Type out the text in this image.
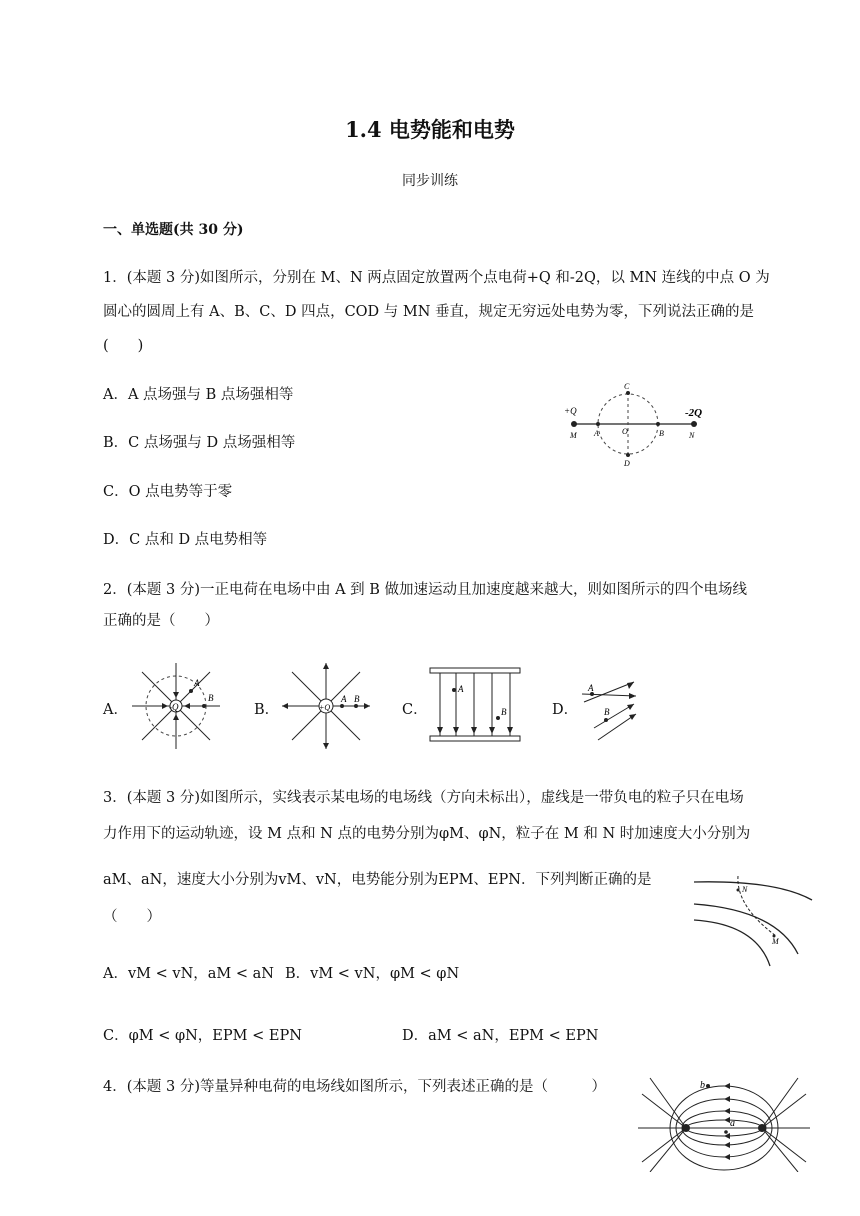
1.4 电势能和电势
同步训练
一、单选题(共 30 分)
1．(本题 3 分)如图所示，分别在 M、N 两点固定放置两个点电荷+Q 和-2Q，以 MN 连线的中点 O 为
圆心的圆周上有 A、B、C、D 四点，COD 与 MN 垂直，规定无穷远处电势为零，下列说法正确的是
(　　)
A．A 点场强与 B 点场强相等
B．C 点场强与 D 点场强相等
C．O 点电势等于零
D．C 点和 D 点电势相等
+Q	-2Q
M	N
A	B
O
C
D
2．(本题 3 分)一正电荷在电场中由 A 到 B 做加速运动且加速度越来越大，则如图所示的四个电场线
正确的是（　　）
A．	-Q
A
B
B．	+Q
A B
C．
A
B	D．
A
B
3．(本题 3 分)如图所示，实线表示某电场的电场线（方向未标出），虚线是一带负电的粒子只在电场
力作用下的运动轨迹，设 M 点和 N 点的电势分别为φM、φN，粒子在 M 和 N 时加速度大小分别为
aM、aN，速度大小分别为vM、vN，电势能分别为EPM、EPN．下列判断正确的是
（　　）
A．vM < vN，aM < aN B．vM < vN，φM < φN
C．φM < φN，EPM < EPN	D．aM < aN，EPM < EPN
N
M
4．(本题 3 分)等量异种电荷的电场线如图所示，下列表述正确的是（　　　）	b
a
